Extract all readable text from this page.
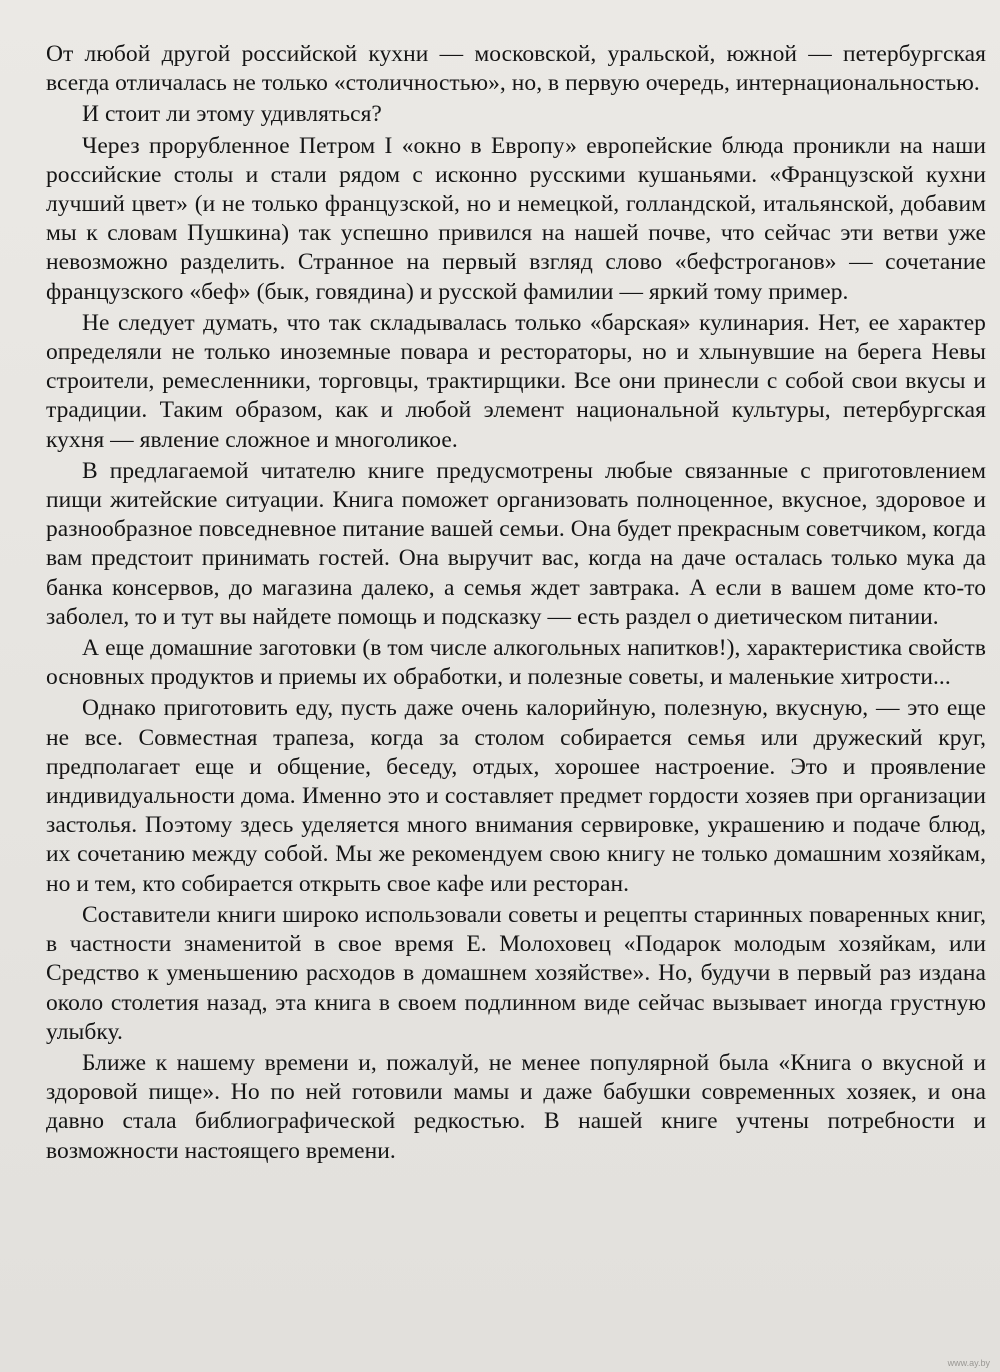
От любой другой российской кухни — московской, уральской, южной — петербургская всегда отличалась не только «столичностью», но, в первую очередь, интернациональностью.

И стоит ли этому удивляться?

Через прорубленное Петром I «окно в Европу» европейские блюда проникли на наши российские столы и стали рядом с исконно русскими кушаньями. «Французской кухни лучший цвет» (и не только французской, но и немецкой, голландской, итальянской, добавим мы к словам Пушкина) так успешно привился на нашей почве, что сейчас эти ветви уже невозможно разделить. Странное на первый взгляд слово «бефстроганов» — сочетание французского «беф» (бык, говядина) и русской фамилии — яркий тому пример.

Не следует думать, что так складывалась только «барская» кулинария. Нет, ее характер определяли не только иноземные повара и рестораторы, но и хлынувшие на берега Невы строители, ремесленники, торговцы, трактирщики. Все они принесли с собой свои вкусы и традиции. Таким образом, как и любой элемент национальной культуры, петербургская кухня — явление сложное и многоликое.

В предлагаемой читателю книге предусмотрены любые связанные с приготовлением пищи житейские ситуации. Книга поможет организовать полноценное, вкусное, здоровое и разнообразное повседневное питание вашей семьи. Она будет прекрасным советчиком, когда вам предстоит принимать гостей. Она выручит вас, когда на даче осталась только мука да банка консервов, до магазина далеко, а семья ждет завтрака. А если в вашем доме кто-то заболел, то и тут вы найдете помощь и подсказку — есть раздел о диетическом питании.

А еще домашние заготовки (в том числе алкогольных напитков!), характеристика свойств основных продуктов и приемы их обработки, и полезные советы, и маленькие хитрости...

Однако приготовить еду, пусть даже очень калорийную, полезную, вкусную, — это еще не все. Совместная трапеза, когда за столом собирается семья или дружеский круг, предполагает еще и общение, беседу, отдых, хорошее настроение. Это и проявление индивидуальности дома. Именно это и составляет предмет гордости хозяев при организации застолья. Поэтому здесь уделяется много внимания сервировке, украшению и подаче блюд, их сочетанию между собой. Мы же рекомендуем свою книгу не только домашним хозяйкам, но и тем, кто собирается открыть свое кафе или ресторан.

Составители книги широко использовали советы и рецепты старинных поваренных книг, в частности знаменитой в свое время Е. Молоховец «Подарок молодым хозяйкам, или Средство к уменьшению расходов в домашнем хозяйстве». Но, будучи в первый раз издана около столетия назад, эта книга в своем подлинном виде сейчас вызывает иногда грустную улыбку.

Ближе к нашему времени и, пожалуй, не менее популярной была «Книга о вкусной и здоровой пище». Но по ней готовили мамы и даже бабушки современных хозяек, и она давно стала библиографической редкостью. В нашей книге учтены потребности и возможности настоящего времени.

www.ay.by
